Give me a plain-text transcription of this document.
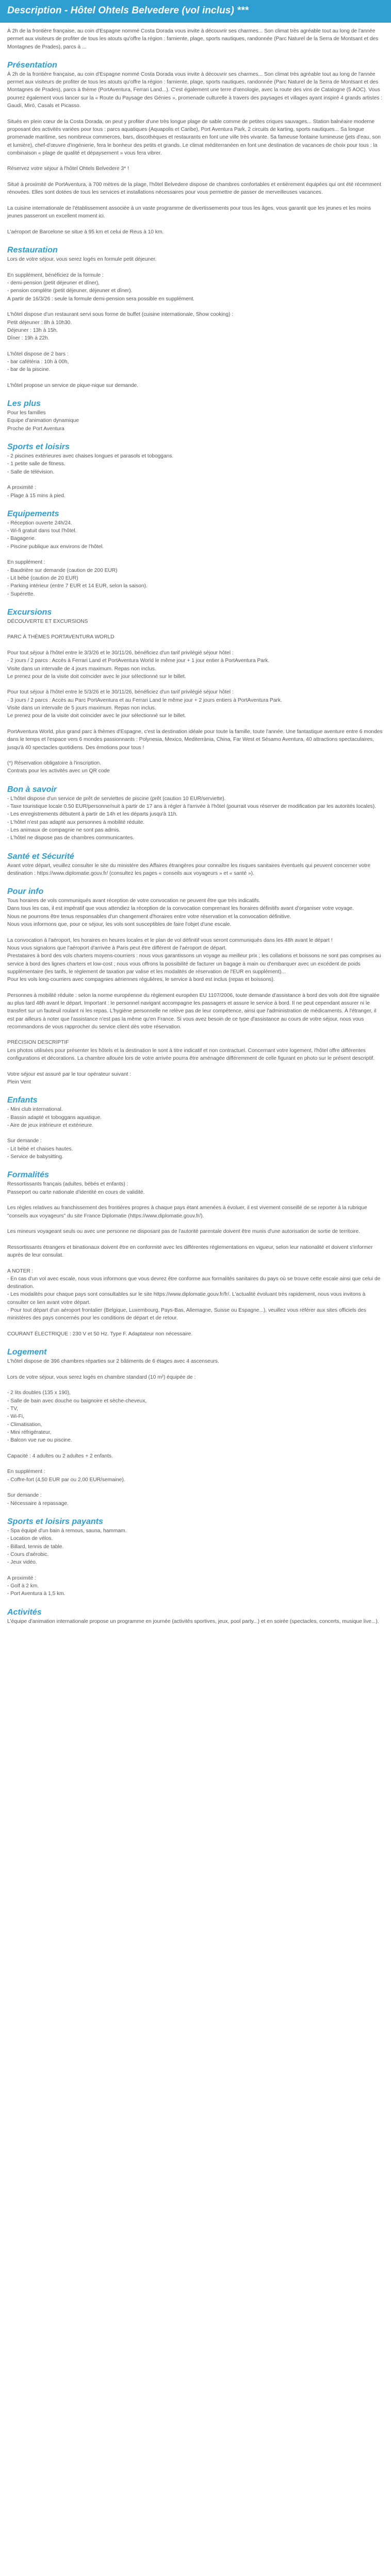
Description - Hôtel Ohtels Belvedere (vol inclus) ***

À 2h de la frontière française, au coin d'Espagne nommé Costa Dorada vous invite à découvrir ses charmes... Son climat très agréable tout au long de l'année permet aux visiteurs de profiter de tous les atouts qu'offre la région : farniente, plage, sports nautiques, randonnée (Parc Naturel de la Serra de Montsant et des Montagnes de Prades), parcs à ...

Présentation

À 2h de la frontière française, au coin d'Espagne nommé Costa Dorada vous invite à découvrir ses charmes... Son climat très agréable tout au long de l'année permet aux visiteurs de profiter de tous les atouts qu'offre la région : farniente, plage, sports nautiques, randonnée (Parc Naturel de la Serra de Montsant et des Montagnes de Prades), parcs à thème (PortAventura, Ferrari Land...). C'est également une terre d'œnologie, avec la route des vins de Catalogne (5 AOC). Vous pourrez également vous lancer sur la « Route du Paysage des Génies », promenade culturelle à travers des paysages et villages ayant inspiré 4 grands artistes : Gaudí, Miró, Casals et Picasso.

Situés en plein cœur de la Costa Dorada, on peut y profiter d'une très longue plage de sable comme de petites criques sauvages... Station balnéaire moderne proposant des activités variées pour tous : parcs aquatiques (Aquapolis et Caribe), Port Aventura Park, 2 circuits de karting, sports nautiques... Sa longue promenade maritime, ses nombreux commerces, bars, discothèques et restaurants en font une ville très vivante. Sa fameuse fontaine lumineuse (jets d'eau, son et lumière), chef-d'œuvre d'ingénierie, fera le bonheur des petits et grands. Le climat méditerranéen en font une destination de vacances de choix pour tous : la combinaison « plage de qualité et dépaysement » vous fera vibrer.

Réservez votre séjour à l'hôtel Ohtels Belvedere 3* !

Situé à proximité de PortAventura, à 700 mètres de la plage, l'hôtel Belvedere dispose de chambres confortables et entièrement équipées qui ont été récemment rénovées. Elles sont dotées de tous les services et installations nécessaires pour vous permettre de passer de merveilleuses vacances.

La cuisine internationale de l'établissement associée à un vaste programme de divertissements pour tous les âges, vous garantit que les jeunes et les moins jeunes passeront un excellent moment ici.

L'aéroport de Barcelone se situe à 95 km et celui de Reus à 10 km.

Restauration

Lors de votre séjour, vous serez logés en formule petit déjeuner.

En supplément, bénéficiez de la formule :
- demi-pension (petit déjeuner et dîner),
- pension complète (petit déjeuner, déjeuner et dîner).
A partir de 16/3/26 : seule la formule demi-pension sera possible en supplément.

L'hôtel dispose d'un restaurant servi sous forme de buffet (cuisine internationale, Show cooking) :
Petit déjeuner : 8h à 10h30.
Déjeuner : 13h à 15h.
Dîner : 19h à 22h.

L'hôtel dispose de 2 bars :
- bar cafétéria : 10h à 00h,
- bar de la piscine.

L'hôtel propose un service de pique-nique sur demande.

Les plus

Pour les familles
Equipe d'animation dynamique
Proche de Port Aventura

Sports et loisirs

- 2 piscines extérieures avec chaises longues et parasols et toboggans.
- 1 petite salle de fitness.
- Salle de télévision.

A proximité :
- Plage à 15 mins à pied.

Equipements

- Réception ouverte 24h/24.
- Wi-fi gratuit dans tout l'hôtel.
- Bagagerie.
- Piscine publique aux environs de l'hôtel.

En supplément :
- Baudrière sur demande (caution de 200 EUR)
- Lit bébé (caution de 20 EUR)
- Parking intérieur (entre 7 EUR et 14 EUR, selon la saison).
- Supérette.

Excursions

DÉCOUVERTE ET EXCURSIONS

PARC À THÈMES PORTAVENTURA WORLD

Pour tout séjour à l'hôtel entre le 3/3/26 et le 30/11/26, bénéficiez d'un tarif privilégié séjour hôtel :
- 2 jours / 2 parcs : Accès à Ferrari Land et PortAventura World le même jour + 1 jour entier à PortAventura Park.
Visite dans un intervalle de 4 jours maximum. Repas non inclus.
Le prenez pour de la visite doit coïncider avec le jour sélectionné sur le billet.

Pour tout séjour à l'hôtel entre le 5/3/26 et le 30/11/26, bénéficiez d'un tarif privilégié séjour hôtel :
- 3 jours / 2 parcs : Accès au Parc PortAventura et au Ferrari Land le même jour + 2 jours entiers à PortAventura Park.
Visite dans un intervalle de 5 jours maximum. Repas non inclus.
Le prenez pour de la visite doit coïncider avec le jour sélectionné sur le billet.

PortAventura World, plus grand parc à thèmes d'Espagne, c'est la destination idéale pour toute la famille, toute l'année. Une fantastique aventure entre 6 mondes dans le temps et l'espace vers 6 mondes passionnants : Polynesia, Mexico, Mediterrània, China, Far West et Sésamo Aventura, 40 attractions spectaculaires, jusqu'à 40 spectacles quotidiens. Des émotions pour tous !

(*) Réservation obligatoire à l'inscription.
Contrats pour les activités avec un QR code

Bon à savoir

- L'hôtel dispose d'un service de prêt de serviettes de piscine (prêt (caution 10 EUR/serviette).
- Taxe touristique locale 0.50 EUR/personne/nuit à partir de 17 ans à régler à l'arrivée à l'hôtel (pourrait vous réserver de modification par les autorités locales).
- Les enregistrements débutent à partir de 14h et les départs jusqu'à 11h.
- L'hôtel n'est pas adapté aux personnes à mobilité réduite.
- Les animaux de compagnie ne sont pas admis.
- L'hôtel ne dispose pas de chambres communicantes.

Santé et Sécurité

Avant votre départ, veuillez consulter le site du ministère des Affaires étrangères pour connaître les risques sanitaires éventuels qui peuvent concerner votre destination : https://www.diplomatie.gouv.fr/ (consultez les pages « conseils aux voyageurs » et « santé »).

Pour info

Tous horaires de vols communiqués avant réception de votre convocation ne peuvent être que très indicatifs.
Dans tous les cas, il est impératif que vous attendiez la réception de la convocation comprenant les horaires définitifs avant d'organiser votre voyage.
Nous ne pourrons être tenus responsables d'un changement d'horaires entre votre réservation et la convocation définitive.
Nous vous informons que, pour ce séjour, les vols sont susceptibles de faire l'objet d'une escale.

La convocation à l'aéroport, les horaires en heures locales et le plan de vol définitif vous seront communiqués dans les 48h avant le départ !
Nous vous signalons que l'aéroport d'arrivée à Paris peut être différent de l'aéroport de départ.
Prestataires à bord des vols charters moyens-courriers : nous vous garantissons un voyage au meilleur prix ; les collations et boissons ne sont pas comprises au service à bord des lignes charters et low-cost ; nous vous offrons la possibilité de facturer un bagage à main ou d'embarquer avec un excédent de poids supplémentaire (les tarifs, le règlement de taxation par valise et les modalités de réservation de l'EUR en supplément)...
Pour les vols long-courriers avec compagnies aériennes régulières, le service à bord est inclus (repas et boissons).

Personnes à mobilité réduite : selon la norme européenne du règlement européen EU 1107/2006, toute demande d'assistance à bord des vols doit être signalée au plus tard 48h avant le départ. Important : le personnel navigant accompagne les passagers et assure le service à bord. Il ne peut cependant assurer ni le transfert sur un fauteuil roulant ni les repas. L'hygiène personnelle ne relève pas de leur compétence, ainsi que l'administration de médicaments. À l'étranger, il est par ailleurs à noter que l'assistance n'est pas la même qu'en France. Si vous avez besoin de ce type d'assistance au cours de votre séjour, nous vous recommandons de vous rapprocher du service client dès votre réservation.

PRÉCISION DESCRIPTIF
Les photos utilisées pour présenter les hôtels et la destination le sont à titre indicatif et non contractuel. Concernant votre logement, l'hôtel offre différentes configurations et décorations. La chambre allouée lors de votre arrivée pourra être aménagée différemment de celle figurant en photo sur le présent descriptif.

Votre séjour est assuré par le tour opérateur suivant :
Plein Vent

Enfants

- Mini club international.
- Bassin adapté et toboggans aquatique.
- Aire de jeux intérieure et extérieure.

Sur demande :
- Lit bébé et chaises hautes.
- Service de babysitting.

Formalités

Ressortissants français (adultes, bébés et enfants) :
Passeport ou carte nationale d'identité en cours de validité.

Les règles relatives au franchissement des frontières propres à chaque pays étant amenées à évoluer, il est vivement conseillé de se reporter à la rubrique "conseils aux voyageurs" du site France Diplomatie (https://www.diplomatie.gouv.fr/).

Les mineurs voyageant seuls ou avec une personne ne disposant pas de l'autorité parentale doivent être munis d'une autorisation de sortie de territoire.

Ressortissants étrangers et binationaux doivent être en conformité avec les différentes réglementations en vigueur, selon leur nationalité et doivent s'informer auprès de leur consulat.

A NOTER :
- En cas d'un vol avec escale, nous vous informons que vous devrez être conforme aux formalités sanitaires du pays où se trouve cette escale ainsi que celui de destination.
- Les modalités pour chaque pays sont consultables sur le site https://www.diplomatie.gouv.fr/fr/. L'actualité évoluant très rapidement, nous vous invitons à consulter ce lien avant votre départ.
- Pour tout départ d'un aéroport frontalier (Belgique, Luxembourg, Pays-Bas, Allemagne, Suisse ou Espagne...), veuillez vous référer aux sites officiels des ministères des pays concernés pour les conditions de départ et de retour.

COURANT ÉLECTRIQUE : 230 V et 50 Hz. Type F. Adaptateur non nécessaire.

Logement

L'hôtel dispose de 396 chambres réparties sur 2 bâtiments de 6 étages avec 4 ascenseurs.

Lors de votre séjour, vous serez logés en chambre standard (10 m²) équipée de :

- 2 lits doubles (135 x 190),
- Salle de bain avec douche ou baignoire et sèche-cheveux,
- TV,
- Wi-Fi,
- Climatisation,
- Mini réfrigérateur,
- Balcon vue rue ou piscine.

Capacité : 4 adultes ou 2 adultes + 2 enfants.

En supplément :
- Coffre-fort (4,50 EUR par ou 2,00 EUR/semaine).

Sur demande :
- Nécessaire à repassage.

Sports et loisirs payants

- Spa équipé d'un bain à remous, sauna, hammam.
- Location de vélos.
- Billard, tennis de table.
- Cours d'aérobic.
- Jeux vidéo.

A proximité :
- Golf à 2 km.
- Port Aventura à 1,5 km.

Activités

L'équipe d'animation internationale propose un programme en journée (activités sportives, jeux, pool party...) et en soirée (spectacles, concerts, musique live...).
